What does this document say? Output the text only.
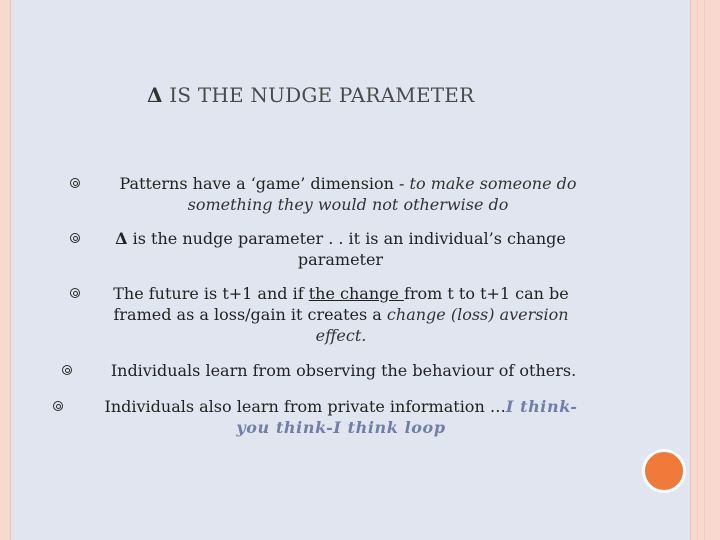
Δ IS THE NUDGE PARAMETER
Patterns have a ‘game’ dimension - to make someone do
something they would not otherwise do
Δ is the nudge parameter . . it is an individual’s change
parameter
The future is t+1 and if the change from t to t+1 can be
framed as a loss/gain it creates a change (loss) aversion
effect.
Individuals learn from observing the behaviour of others.
Individuals also learn from private information …I think-
you think-I think loop
